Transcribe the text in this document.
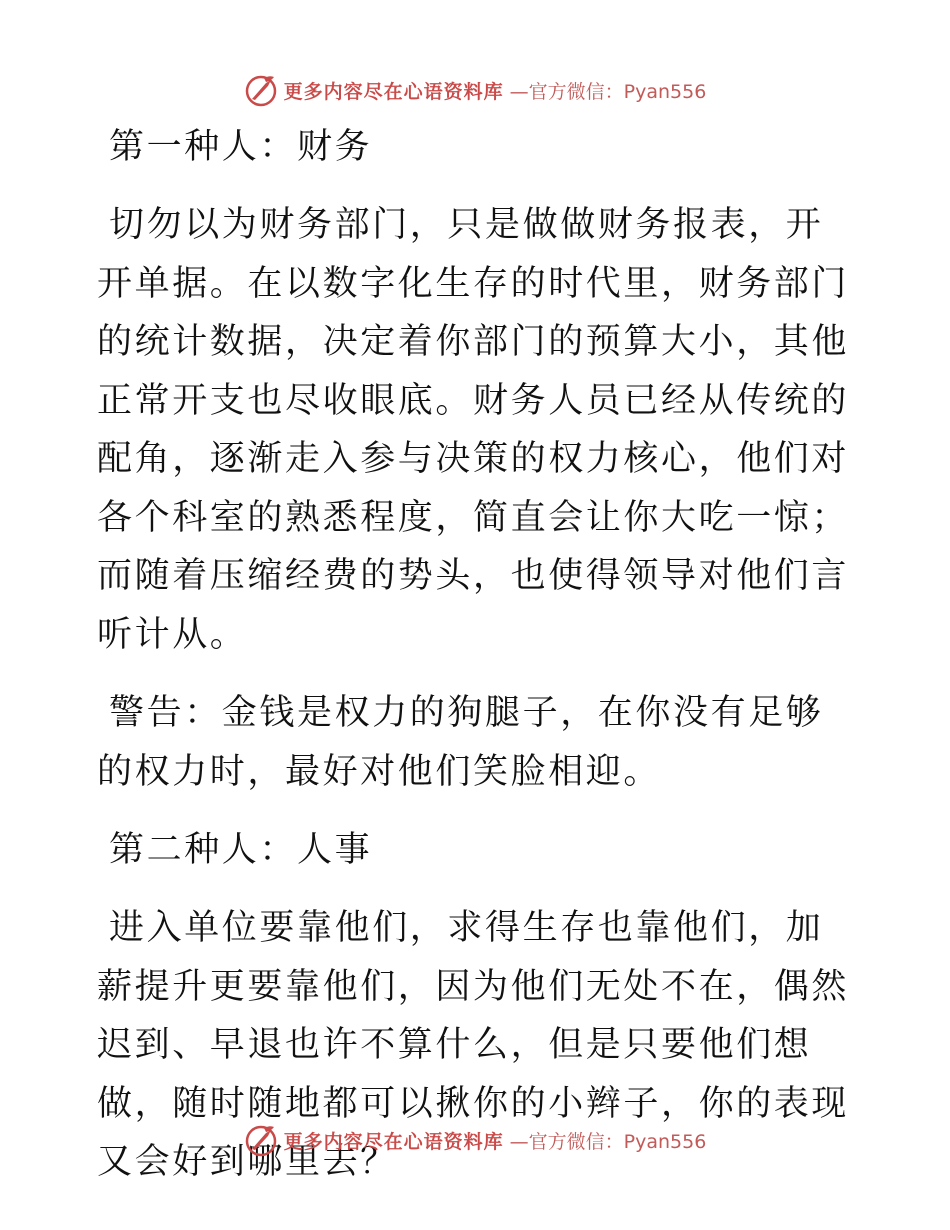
更多内容尽在心语资料库 —官方微信：Pyan556

第一种人：财务

切勿以为财务部门，只是做做财务报表，开开单据。在以数字化生存的时代里，财务部门的统计数据，决定着你部门的预算大小，其他正常开支也尽收眼底。财务人员已经从传统的配角，逐渐走入参与决策的权力核心，他们对各个科室的熟悉程度，简直会让你大吃一惊；而随着压缩经费的势头，也使得领导对他们言听计从。

警告：金钱是权力的狗腿子，在你没有足够的权力时，最好对他们笑脸相迎。

第二种人：人事

进入单位要靠他们，求得生存也靠他们，加薪提升更要靠他们，因为他们无处不在，偶然迟到、早退也许不算什么，但是只要他们想做，随时随地都可以揪你的小辫子，你的表现又会好到哪里去？

更多内容尽在心语资料库 —官方微信：Pyan556
